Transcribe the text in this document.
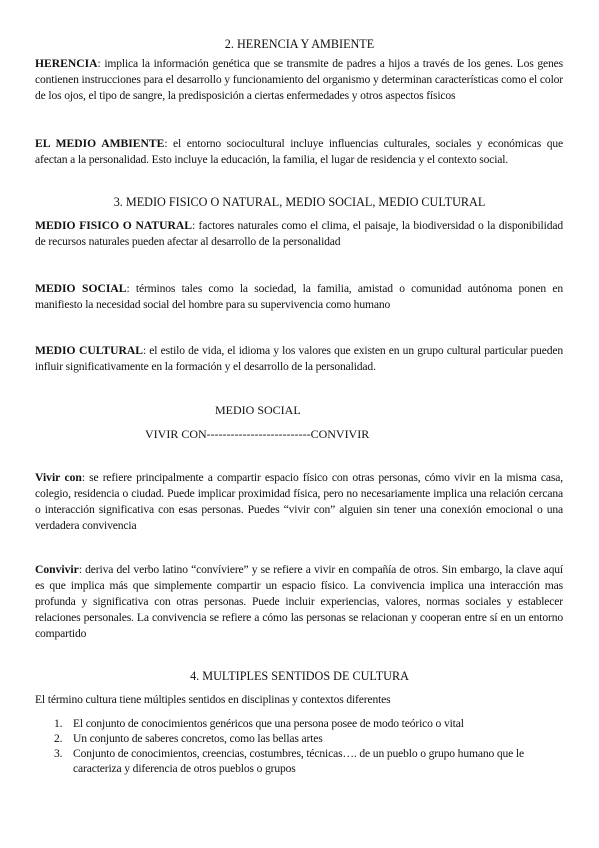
2. HERENCIA Y AMBIENTE

HERENCIA: implica la información genética que se transmite de padres a hijos a través de los genes. Los genes contienen instrucciones para el desarrollo y funcionamiento del organismo y determinan características como el color de los ojos, el tipo de sangre, la predisposición a ciertas enfermedades y otros aspectos físicos

EL MEDIO AMBIENTE: el entorno sociocultural incluye influencias culturales, sociales y económicas que afectan a la personalidad. Esto incluye la educación, la familia, el lugar de residencia y el contexto social.

3. MEDIO FISICO O NATURAL, MEDIO SOCIAL, MEDIO CULTURAL

MEDIO FISICO O NATURAL: factores naturales como el clima, el paisaje, la biodiversidad o la disponibilidad de recursos naturales pueden afectar al desarrollo de la personalidad

MEDIO SOCIAL: términos tales como la sociedad, la familia, amistad o comunidad autónoma ponen en manifiesto la necesidad social del hombre para su supervivencia como humano

MEDIO CULTURAL: el estilo de vida, el idioma y los valores que existen en un grupo cultural particular pueden influir significativamente en la formación y el desarrollo de la personalidad.

MEDIO SOCIAL
VIVIR CON--------------------------CONVIVIR

Vivir con: se refiere principalmente a compartir espacio físico con otras personas, cómo vivir en la misma casa, colegio, residencia o ciudad. Puede implicar proximidad física, pero no necesariamente implica una relación cercana o interacción significativa con esas personas. Puedes “vivir con” alguien sin tener una conexión emocional o una verdadera convivencia

Convivir: deriva del verbo latino “convíviere” y se refiere a vivir en compañía de otros. Sin embargo, la clave aquí es que implica más que simplemente compartir un espacio físico. La convivencia implica una interacción mas profunda y significativa con otras personas. Puede incluir experiencias, valores, normas sociales y establecer relaciones personales. La convivencia se refiere a cómo las personas se relacionan y cooperan entre sí en un entorno compartido

4. MULTIPLES SENTIDOS DE CULTURA
El término cultura tiene múltiples sentidos en disciplinas y contextos diferentes
1. El conjunto de conocimientos genéricos que una persona posee de modo teórico o vital
2. Un conjunto de saberes concretos, como las bellas artes
3. Conjunto de conocimientos, creencias, costumbres, técnicas…. de un pueblo o grupo humano que le caracteriza y diferencia de otros pueblos o grupos
